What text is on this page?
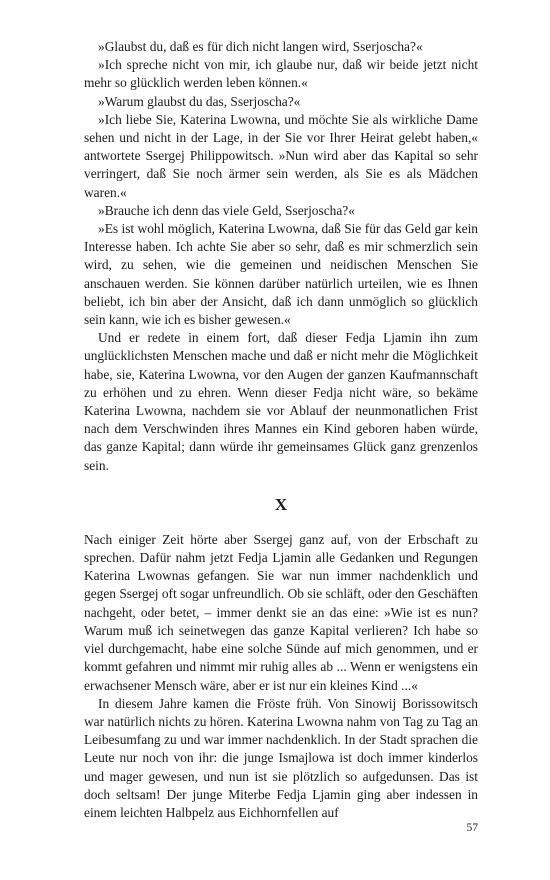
»Glaubst du, daß es für dich nicht langen wird, Sserjoscha?«

»Ich spreche nicht von mir, ich glaube nur, daß wir beide jetzt nicht mehr so glücklich werden leben können.«

»Warum glaubst du das, Sserjoscha?«

»Ich liebe Sie, Katerina Lwowna, und möchte Sie als wirkliche Dame sehen und nicht in der Lage, in der Sie vor Ihrer Heirat gelebt haben,« antwortete Ssergej Philippowitsch. »Nun wird aber das Kapital so sehr verringert, daß Sie noch ärmer sein werden, als Sie es als Mädchen waren.«

»Brauche ich denn das viele Geld, Sserjoscha?«

»Es ist wohl möglich, Katerina Lwowna, daß Sie für das Geld gar kein Interesse haben. Ich achte Sie aber so sehr, daß es mir schmerzlich sein wird, zu sehen, wie die gemeinen und neidischen Menschen Sie anschauen werden. Sie können darüber natürlich urteilen, wie es Ihnen beliebt, ich bin aber der Ansicht, daß ich dann unmöglich so glücklich sein kann, wie ich es bisher gewesen.«

Und er redete in einem fort, daß dieser Fedja Ljamin ihn zum unglücklichsten Menschen mache und daß er nicht mehr die Möglichkeit habe, sie, Katerina Lwowna, vor den Augen der ganzen Kaufmannschaft zu erhöhen und zu ehren. Wenn dieser Fedja nicht wäre, so bekäme Katerina Lwowna, nachdem sie vor Ablauf der neunmonatlichen Frist nach dem Verschwinden ihres Mannes ein Kind geboren haben würde, das ganze Kapital; dann würde ihr gemeinsames Glück ganz grenzenlos sein.

X

Nach einiger Zeit hörte aber Ssergej ganz auf, von der Erbschaft zu sprechen. Dafür nahm jetzt Fedja Ljamin alle Gedanken und Regungen Katerina Lwownas gefangen. Sie war nun immer nachdenklich und gegen Ssergej oft sogar unfreundlich. Ob sie schläft, oder den Geschäften nachgeht, oder betet, – immer denkt sie an das eine: »Wie ist es nun? Warum muß ich seinetwegen das ganze Kapital verlieren? Ich habe so viel durchgemacht, habe eine solche Sünde auf mich genommen, und er kommt gefahren und nimmt mir ruhig alles ab ... Wenn er wenigstens ein erwachsener Mensch wäre, aber er ist nur ein kleines Kind ...«

In diesem Jahre kamen die Fröste früh. Von Sinowij Borissowitsch war natürlich nichts zu hören. Katerina Lwowna nahm von Tag zu Tag an Leibesumfang zu und war immer nachdenklich. In der Stadt sprachen die Leute nur noch von ihr: die junge Ismajlowa ist doch immer kinderlos und mager gewesen, und nun ist sie plötzlich so aufgedunsen. Das ist doch seltsam! Der junge Miterbe Fedja Ljamin ging aber indessen in einem leichten Halbpelz aus Eichhornfellen auf

57
